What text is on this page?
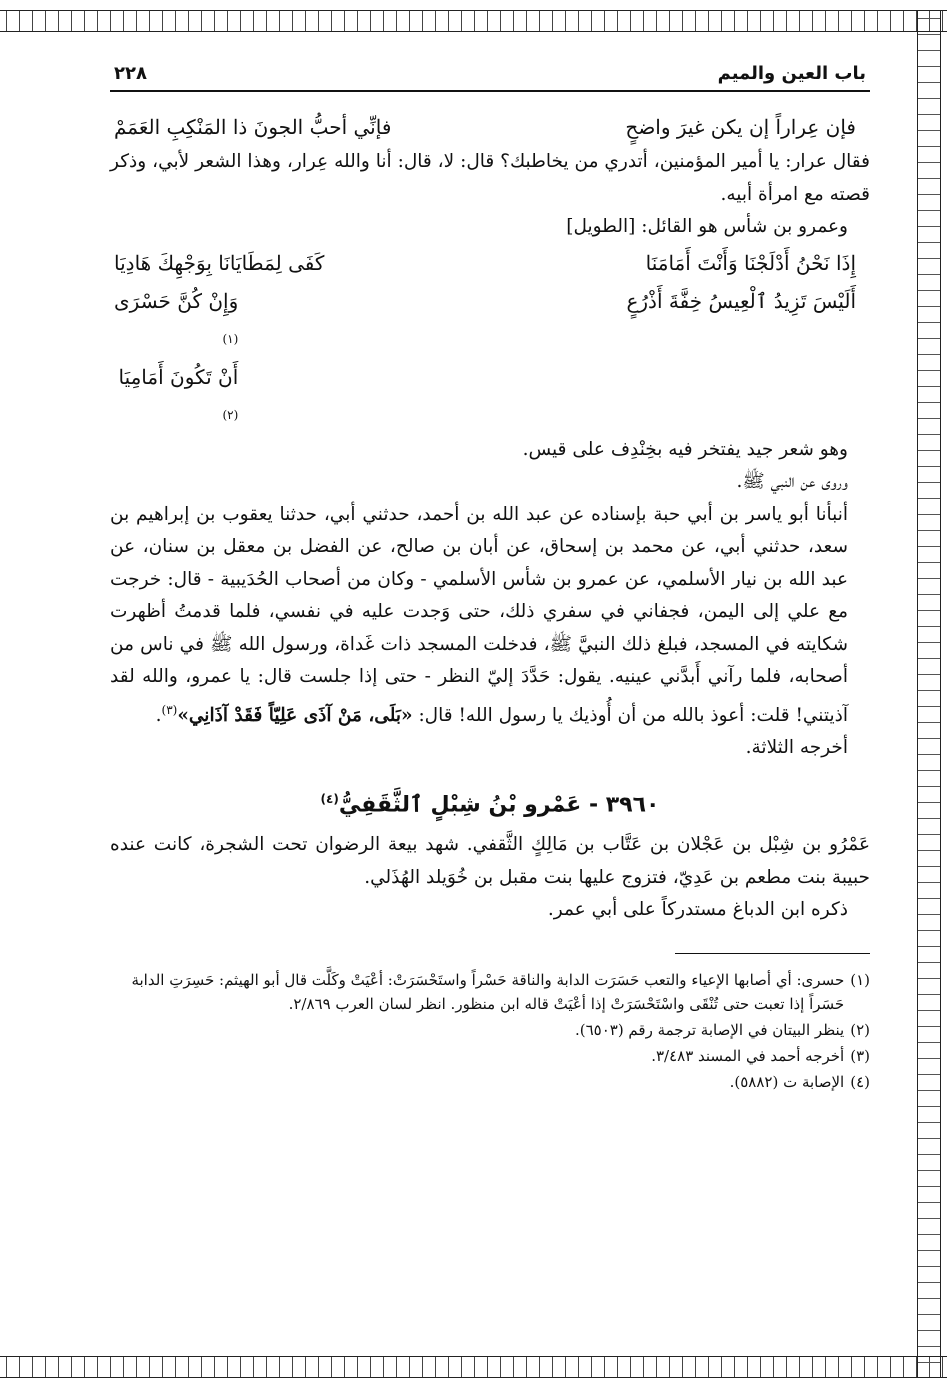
باب العين والميم
٢٢٨
فإن عِراراً إن يكن غيرَ واضحٍ
فإنِّي أحبُّ الجونَ ذا المَنْكِبِ العَمَمْ

فقال عرار: يا أمير المؤمنين، أتدري من يخاطبك؟ قال: لا، قال: أنا والله عِرار، وهذا الشعر لأبي، وذكر قصته مع امرأة أبيه.

وعمرو بن شأس هو القائل: [الطويل]

إِذَا نَحْنُ أَدْلَجْنَا وَأَنْتَ أَمَامَنَا
كَفَى لِمَطَايَانَا بِوَجْهِكَ هَادِيَا
أَلَيْسَ تَزِيدُ ٱلْعِيسُ خِفَّةَ أَذْرُعٍ
وَإِنْ كُنَّ حَسْرَى
(١)
أَنْ تَكُونَ أَمَامِيَا
(٢)

وهو شعر جيد يفتخر فيه بخِنْدِف على قيس.

وروى عن النبي ﷺ.

أنبأنا أبو ياسر بن أبي حبة بإسناده عن عبد الله بن أحمد، حدثني أبي، حدثنا يعقوب بن إبراهيم بن سعد، حدثني أبي، عن محمد بن إسحاق، عن أبان بن صالح، عن الفضل بن معقل بن سنان، عن عبد الله بن نيار الأسلمي، عن عمرو بن شأس الأسلمي - وكان من أصحاب الحُدَيبية - قال: خرجت مع علي إلى اليمن، فجفاني في سفري ذلك، حتى وَجدت عليه في نفسي، فلما قدمتُ أظهرت شكايته في المسجد، فبلغ ذلك النبيَّ ﷺ، فدخلت المسجد ذات غَداة، ورسول الله ﷺ في ناس من أصحابه، فلما رآني أَبدَّني عينيه. يقول: حَدَّدَ إليّ النظر - حتى إذا جلست قال: يا عمرو، والله لقد آذيتني! قلت: أعوذ بالله من أن أُوذيك يا رسول الله! قال: «بَلَى، مَنْ آذَى عَلِيّاً فَقَدْ آذَانِي»$^{(٣)}$.

أخرجه الثلاثة.

٣٩٦٠ - عَمْرو بْنُ شِبْلٍ ٱلثَّقَفِيُّ$^{(٤)}$

عَمْرُو بن شِبْل بن عَجْلان بن عَتَّاب بن مَالِكٍ الثَّقفي. شهد بيعة الرضوان تحت الشجرة، كانت عنده حبيبة بنت مطعم بن عَدِيّ، فتزوج عليها بنت مقبل بن خُوَيلد الهُذَلي.

ذكره ابن الدباغ مستدركاً على أبي عمر.

(١)
حسرى: أي أصابها الإعياء والتعب حَسَرَت الدابة والناقة حَسْراً واستَحْسَرَتْ: أعْيَتْ وكَلَّت قال أبو الهيثم: حَسِرَتِ الدابة حَسَراً إذا تعبت حتى تُنْقَى واسْتَحْسَرَتْ إذا أعْيَتْ قاله ابن منظور. انظر لسان العرب ٢/٨٦٩.
(٢)
ينظر البيتان في الإصابة ترجمة رقم (٦٥٠٣).
(٣)
أخرجه أحمد في المسند ٣/٤٨٣.
(٤)
الإصابة ت (٥٨٨٢).
